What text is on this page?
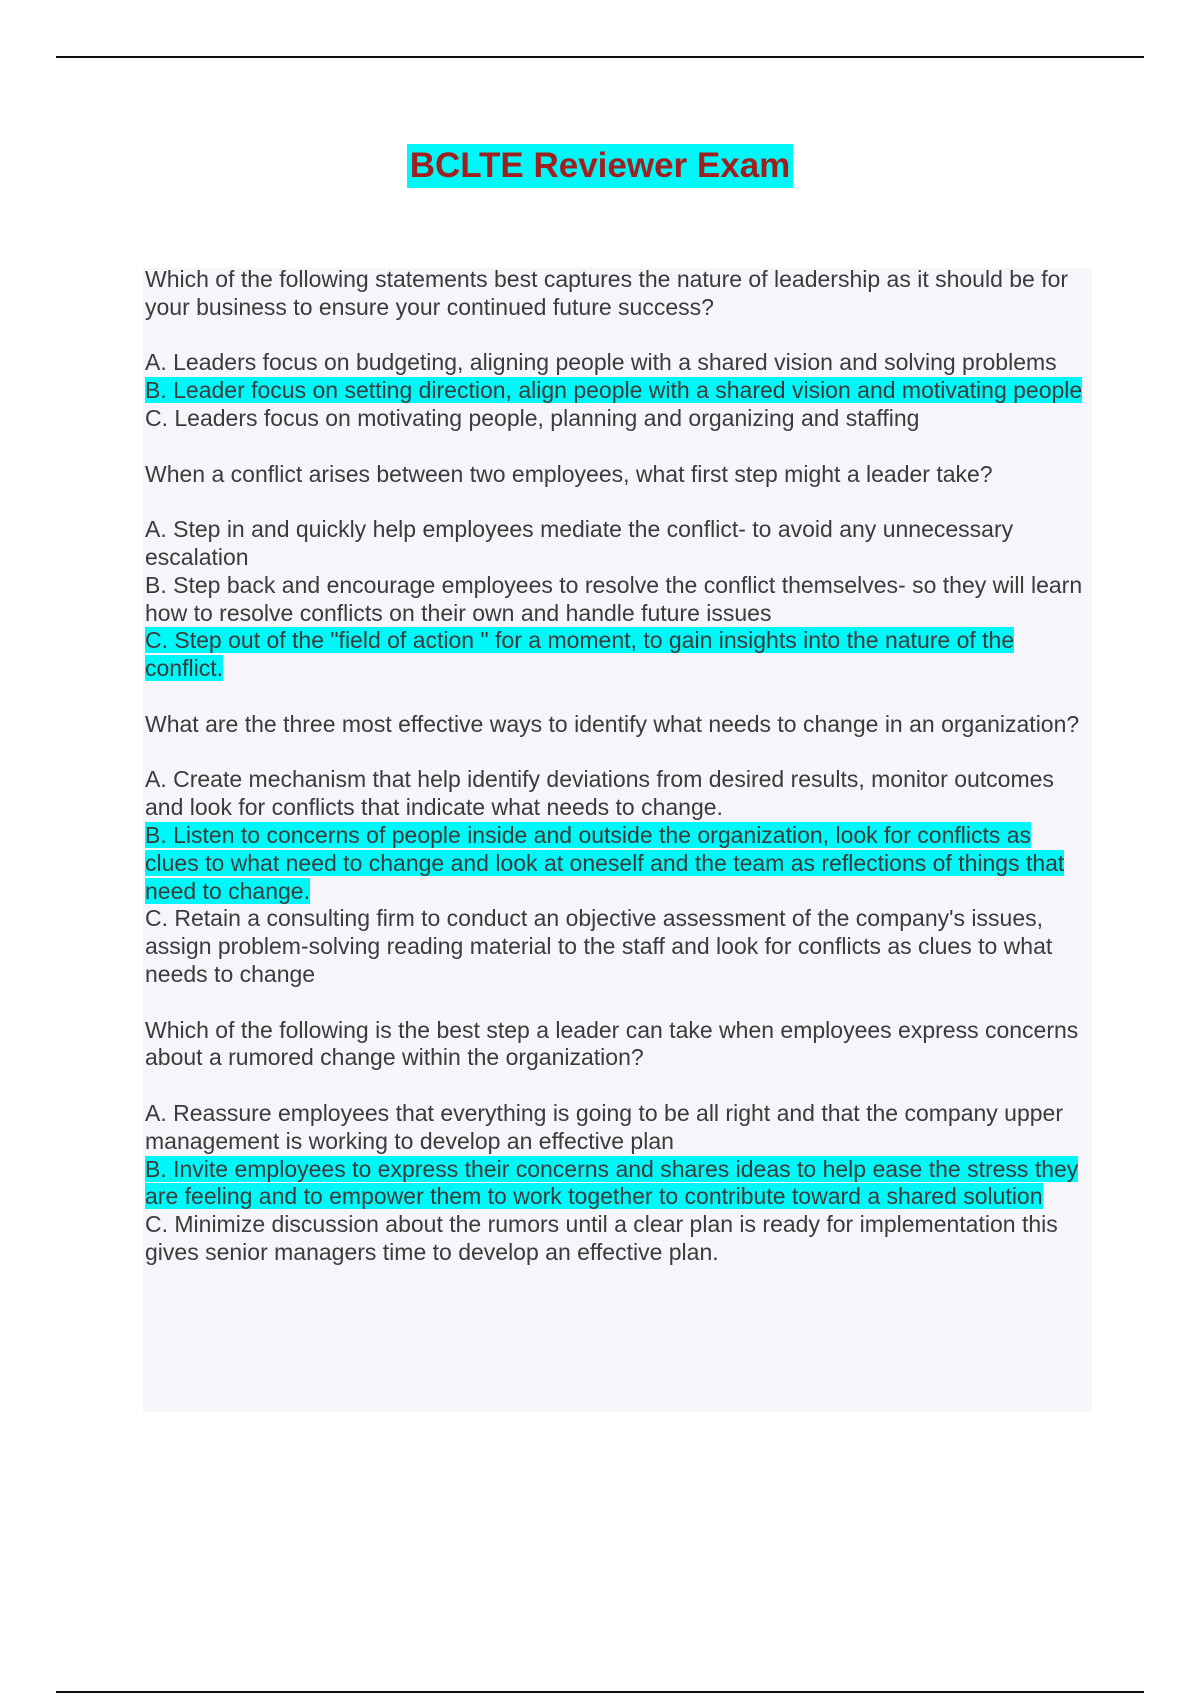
BCLTE Reviewer Exam

Which of the following statements best captures the nature of leadership as it should be for your business to ensure your continued future success?

A. Leaders focus on budgeting, aligning people with a shared vision and solving problems

B. Leader focus on setting direction, align people with a shared vision and motivating people

C. Leaders focus on motivating people, planning and organizing and staffing

When a conflict arises between two employees, what first step might a leader take?

A. Step in and quickly help employees mediate the conflict- to avoid any unnecessary escalation

B. Step back and encourage employees to resolve the conflict themselves- so they will learn how to resolve conflicts on their own and handle future issues

C. Step out of the "field of action " for a moment, to gain insights into the nature of the conflict.

What are the three most effective ways to identify what needs to change in an organization?

A. Create mechanism that help identify deviations from desired results, monitor outcomes and look for conflicts that indicate what needs to change.

B. Listen to concerns of people inside and outside the organization, look for conflicts as clues to what need to change and look at oneself and the team as reflections of things that need to change.

C. Retain a consulting firm to conduct an objective assessment of the company's issues, assign problem-solving reading material to the staff and look for conflicts as clues to what needs to change

Which of the following is the best step a leader can take when employees express concerns about a rumored change within the organization?

A. Reassure employees that everything is going to be all right and that the company upper management is working to develop an effective plan

B. Invite employees to express their concerns and shares ideas to help ease the stress they are feeling and to empower them to work together to contribute toward a shared solution

C. Minimize discussion about the rumors until a clear plan is ready for implementation this gives senior managers time to develop an effective plan.
